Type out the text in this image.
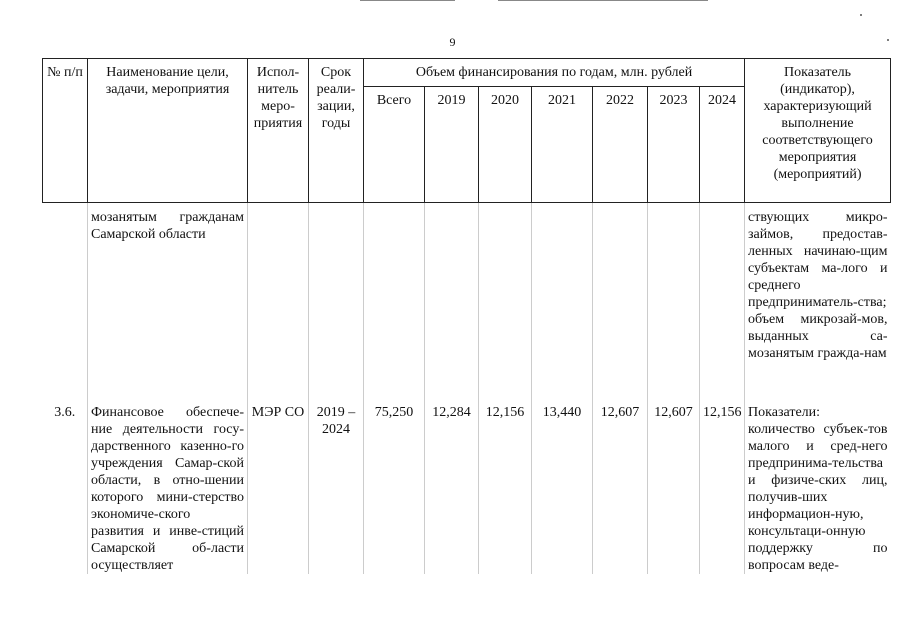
9
№ п/п	Наименование цели, задачи, мероприятия	Испол-нитель меро-приятия	Срок реали-зации, годы	Объем финансирования по годам, млн. рублей							Показатель (индикатор), характеризующий выполнение соответствующего мероприятия (мероприятий)
				Всего	2019	2020	2021	2022	2023	2024	
	мозанятым гражданам Самарской области										ствующих микро-займов, предостав-ленных начинаю-щим субъектам ма-лого и среднего предприниматель-ства; объем микрозай-мов, выданных са-мозанятым гражда-нам
3.6.	Финансовое обеспече-ние деятельности госу-дарственного казенно-го учреждения Самар-ской области, в отно-шении которого мини-стерство экономиче-ского развития и инве-стиций Самарской об-ласти осуществляет	МЭР СО	2019 – 2024	75,250	12,284	12,156	13,440	12,607	12,607	12,156	Показатели: количество субъек-тов малого и сред-него предпринима-тельства и физиче-ских лиц, получив-ших информацион-ную, консультаци-онную поддержку по вопросам веде-
